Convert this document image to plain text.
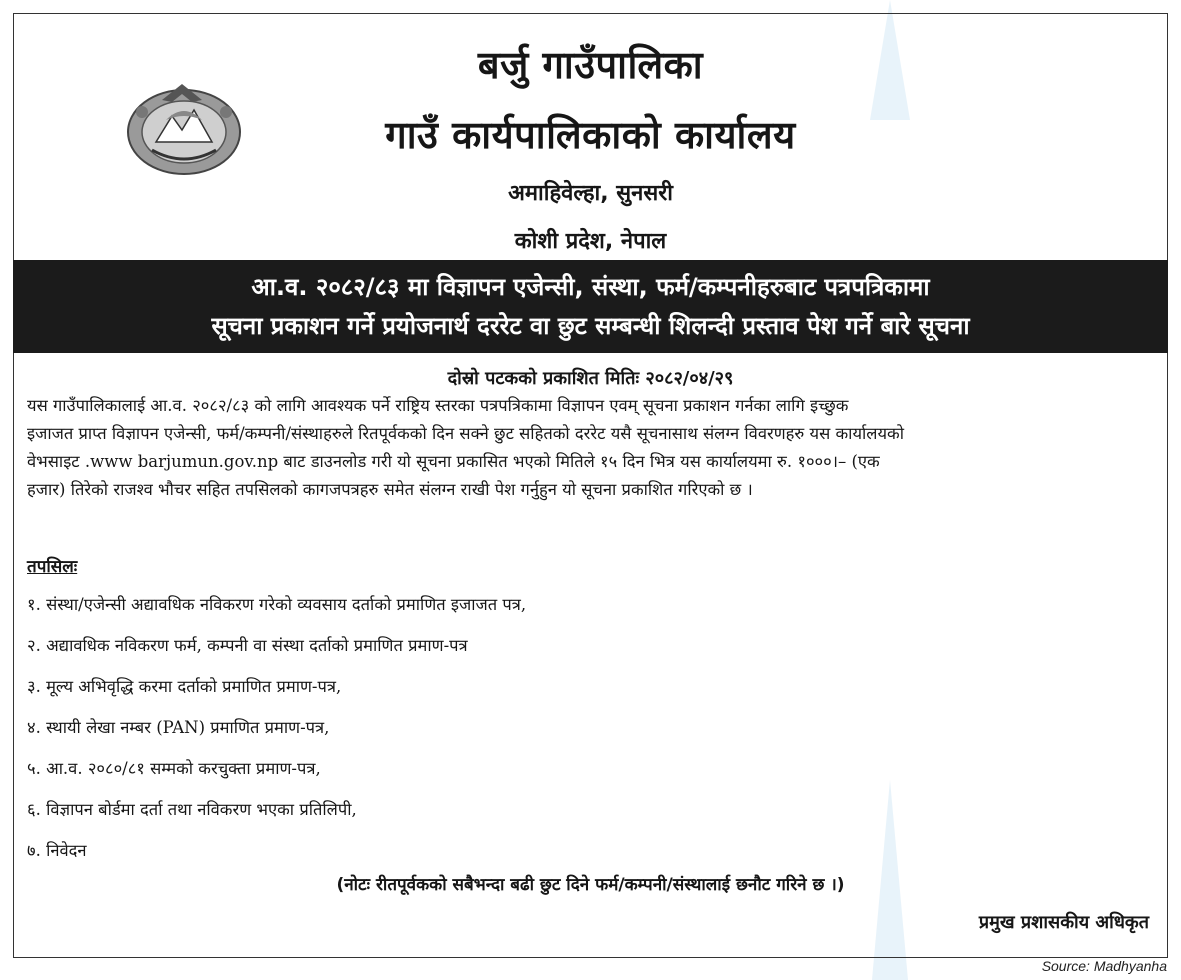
बर्जु गाउँपालिका
गाउँ कार्यपालिकाको कार्यालय
अमाहिवेल्हा, सुनसरी
कोशी प्रदेश, नेपाल
आ.व. २०८२/८३ मा विज्ञापन एजेन्सी, संस्था, फर्म/कम्पनीहरुबाट पत्रपत्रिकामा
सूचना प्रकाशन गर्ने प्रयोजनार्थ दररेट वा छुट सम्बन्धी शिलन्दी प्रस्ताव पेश गर्ने बारे सूचना
दोस्रो पटकको प्रकाशित मितिः २०८२/०४/२९
यस गाउँपालिकालाई आ.व. २०८२/८३ को लागि आवश्यक पर्ने राष्ट्रिय स्तरका पत्रपत्रिकामा विज्ञापन एवम् सूचना प्रकाशन गर्नका लागि इच्छुक
इजाजत प्राप्त विज्ञापन एजेन्सी, फर्म/कम्पनी/संस्थाहरुले रितपूर्वकको दिन सक्ने छुट सहितको दररेट यसै सूचनासाथ संलग्न विवरणहरु यस कार्यालयको
वेभसाइट .www barjumun.gov.np बाट डाउनलोड गरी यो सूचना प्रकासित भएको मितिले १५ दिन भित्र यस कार्यालयमा रु. १०००।– (एक
हजार) तिरेको राजश्व भौचर सहित तपसिलको कागजपत्रहरु समेत संलग्न राखी पेश गर्नुहुन यो सूचना प्रकाशित गरिएको छ ।
तपसिलः
१. संस्था/एजेन्सी अद्यावधिक नविकरण गरेको व्यवसाय दर्ताको प्रमाणित इजाजत पत्र,
२. अद्यावधिक नविकरण फर्म, कम्पनी वा संस्था दर्ताको प्रमाणित प्रमाण-पत्र
३. मूल्य अभिवृद्धि करमा दर्ताको प्रमाणित प्रमाण-पत्र,
४. स्थायी लेखा नम्बर (PAN) प्रमाणित प्रमाण-पत्र,
५. आ.व. २०८०/८१ सम्मको करचुक्ता प्रमाण-पत्र,
६. विज्ञापन बोर्डमा दर्ता तथा नविकरण भएका प्रतिलिपी,
७. निवेदन
(नोटः रीतपूर्वकको सबैभन्दा बढी छुट दिने फर्म/कम्पनी/संस्थालाई छनौट गरिने छ ।)
प्रमुख प्रशासकीय अधिकृत
Source: Madhyanha
